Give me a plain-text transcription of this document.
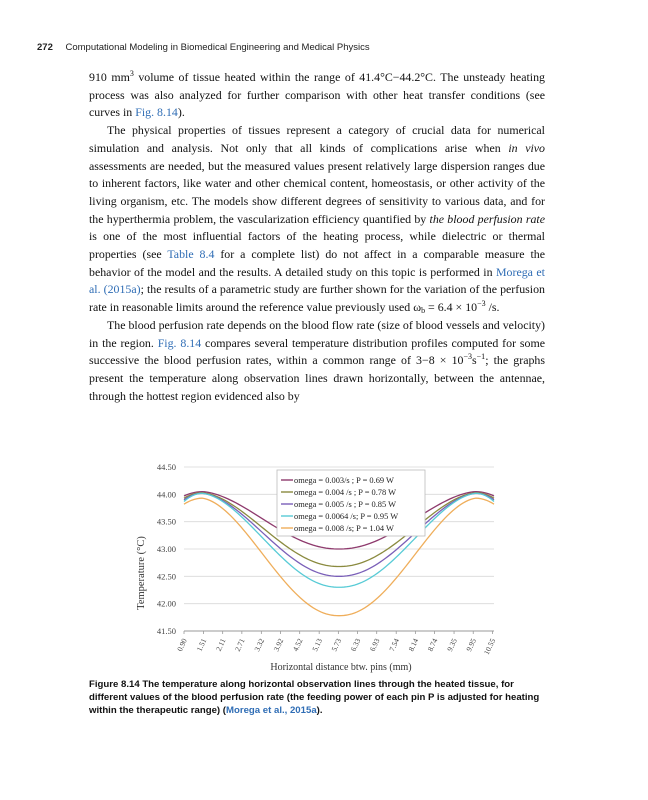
272 Computational Modeling in Biomedical Engineering and Medical Physics

910 $mm^3$ volume of tissue heated within the range of 41.4°C−44.2°C. The unsteady heating process was also analyzed for further comparison with other heat transfer conditions (see curves in Fig. 8.14).

The physical properties of tissues represent a category of crucial data for numerical simulation and analysis. Not only that all kinds of complications arise when in vivo assessments are needed, but the measured values present relatively large dispersion ranges due to inherent factors, like water and other chemical content, homeostasis, or other activity of the living organism, etc. The models show different degrees of sensitivity to various data, and for the hyperthermia problem, the vascularization efficiency quantified by the blood perfusion rate is one of the most influential factors of the heating process, while dielectric or thermal properties (see Table 8.4 for a complete list) do not affect in a comparable measure the behavior of the model and the results. A detailed study on this topic is performed in Morega et al. (2015a); the results of a parametric study are further shown for the variation of the perfusion rate in reasonable limits around the reference value previously used $\omega_b = 6.4 \times 10^{-3}$ /s.

The blood perfusion rate depends on the blood flow rate (size of blood vessels and velocity) in the region. Fig. 8.14 compares several temperature distribution profiles computed for some successive the blood perfusion rates, within a common range of $3-8 \times 10^{-3}s^{-1}$; the graphs present the temperature along observation lines drawn horizontally, between the antennae, through the hottest region evidenced also by

44.50
44.00
43.50
43.00
42.50
42.00
41.50
0.90 1.51 2.11 2.71 3.32 3.92 4.52 5.13 5.73 6.33 6.93 7.54 8.14 8.74 9.35 9.95 10.55
omega = 0.003/s ; P = 0.69 W
omega = 0.004 /s ; P = 0.78 W
omega = 0.005 /s ; P = 0.85 W
omega = 0.0064 /s; P = 0.95 W
omega = 0.008 /s; P = 1.04 W
Horizontal distance btw. pins (mm)
Temperature (°C)
Figure 8.14 The temperature along horizontal observation lines through the heated tissue, for different values of the blood perfusion rate (the feeding power of each pin P is adjusted for heating within the therapeutic range) (Morega et al., 2015a).
